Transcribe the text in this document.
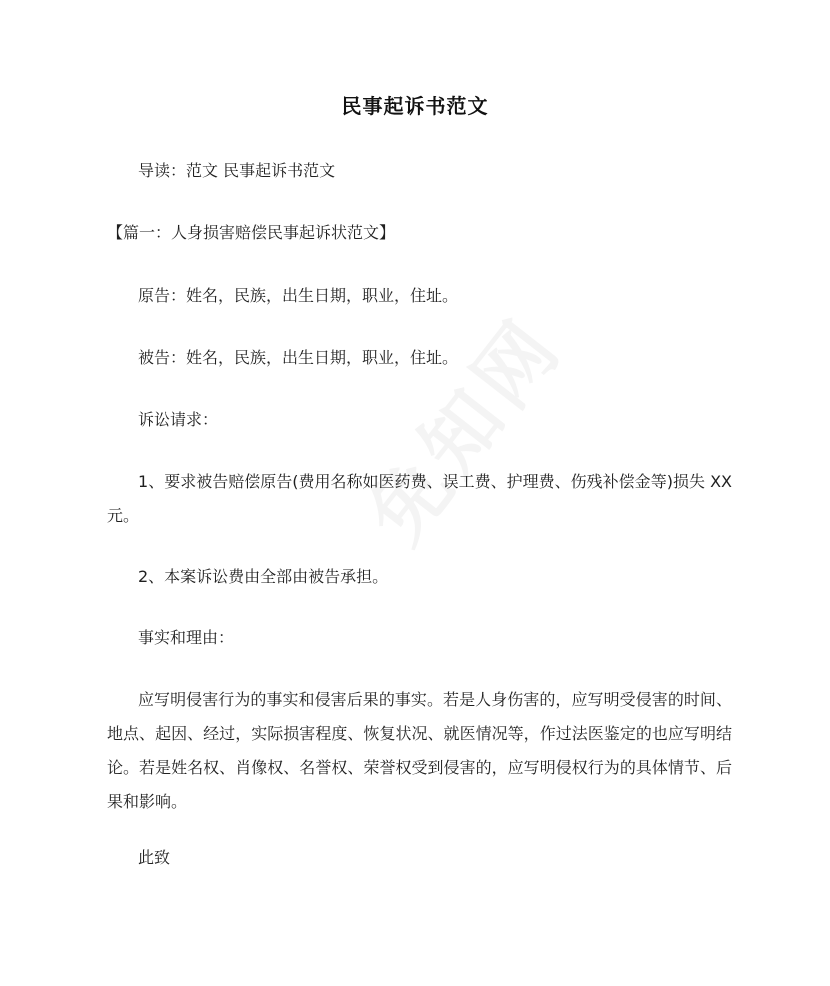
民事起诉书范文
导读：范文 民事起诉书范文
【篇一：人身损害赔偿民事起诉状范文】
原告：姓名，民族，出生日期，职业，住址。
被告：姓名，民族，出生日期，职业，住址。
诉讼请求：
1、要求被告赔偿原告(费用名称如医药费、误工费、护理费、伤残补偿金等)损失 XX元。
2、本案诉讼费由全部由被告承担。
事实和理由：
应写明侵害行为的事实和侵害后果的事实。若是人身伤害的，应写明受侵害的时间、地点、起因、经过，实际损害程度、恢复状况、就医情况等，作过法医鉴定的也应写明结论。若是姓名权、肖像权、名誉权、荣誉权受到侵害的，应写明侵权行为的具体情节、后果和影响。
此致
